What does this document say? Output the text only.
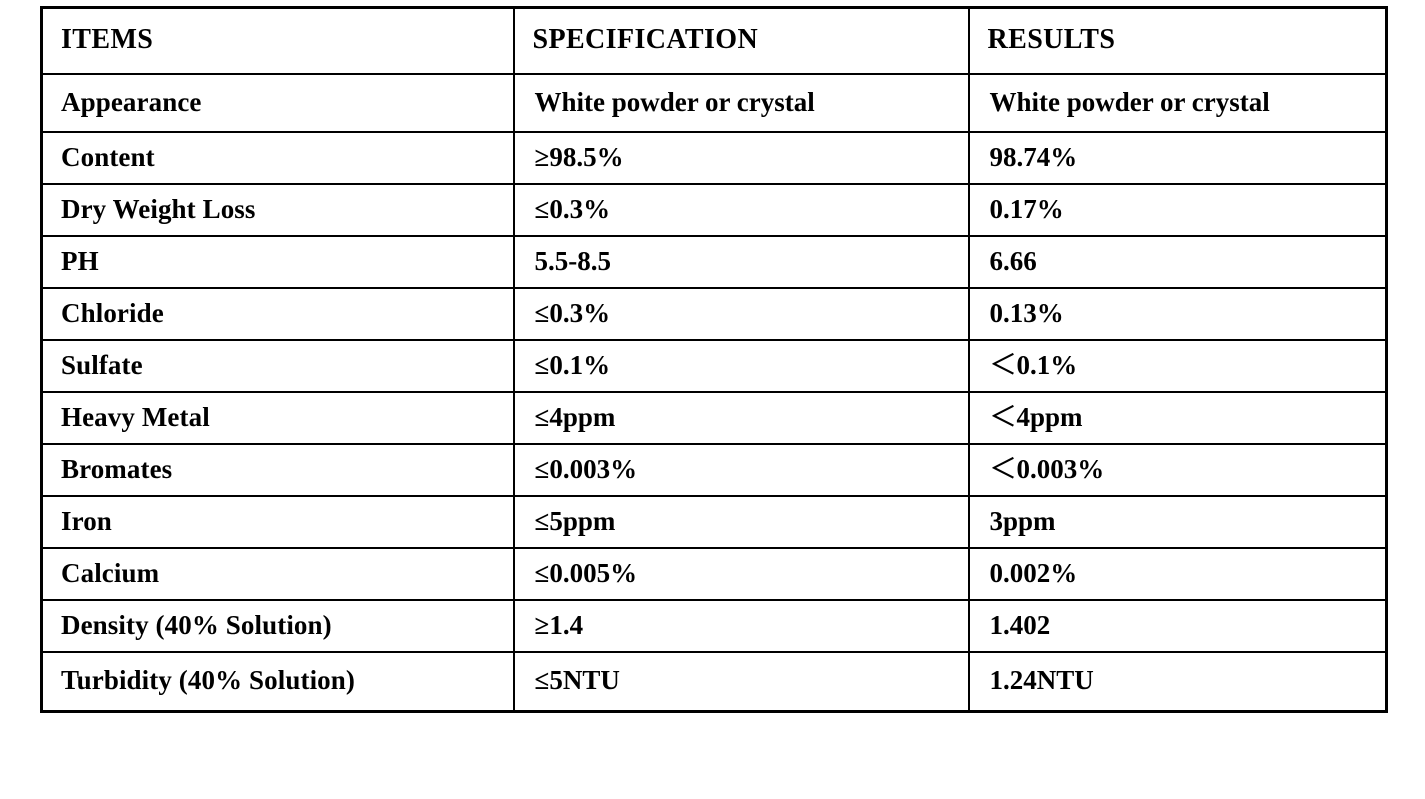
ITEMS	SPECIFICATION	RESULTS
Appearance	White powder or crystal	White powder or crystal
Content	≥98.5%	98.74%
Dry Weight Loss	≤0.3%	0.17%
PH	5.5-8.5	6.66
Chloride	≤0.3%	0.13%
Sulfate	≤0.1%	＜0.1%
Heavy Metal	≤4ppm	＜4ppm
Bromates	≤0.003%	＜0.003%
Iron	≤5ppm	3ppm
Calcium	≤0.005%	0.002%
Density (40% Solution)	≥1.4	1.402
Turbidity (40% Solution)	≤5NTU	1.24NTU
